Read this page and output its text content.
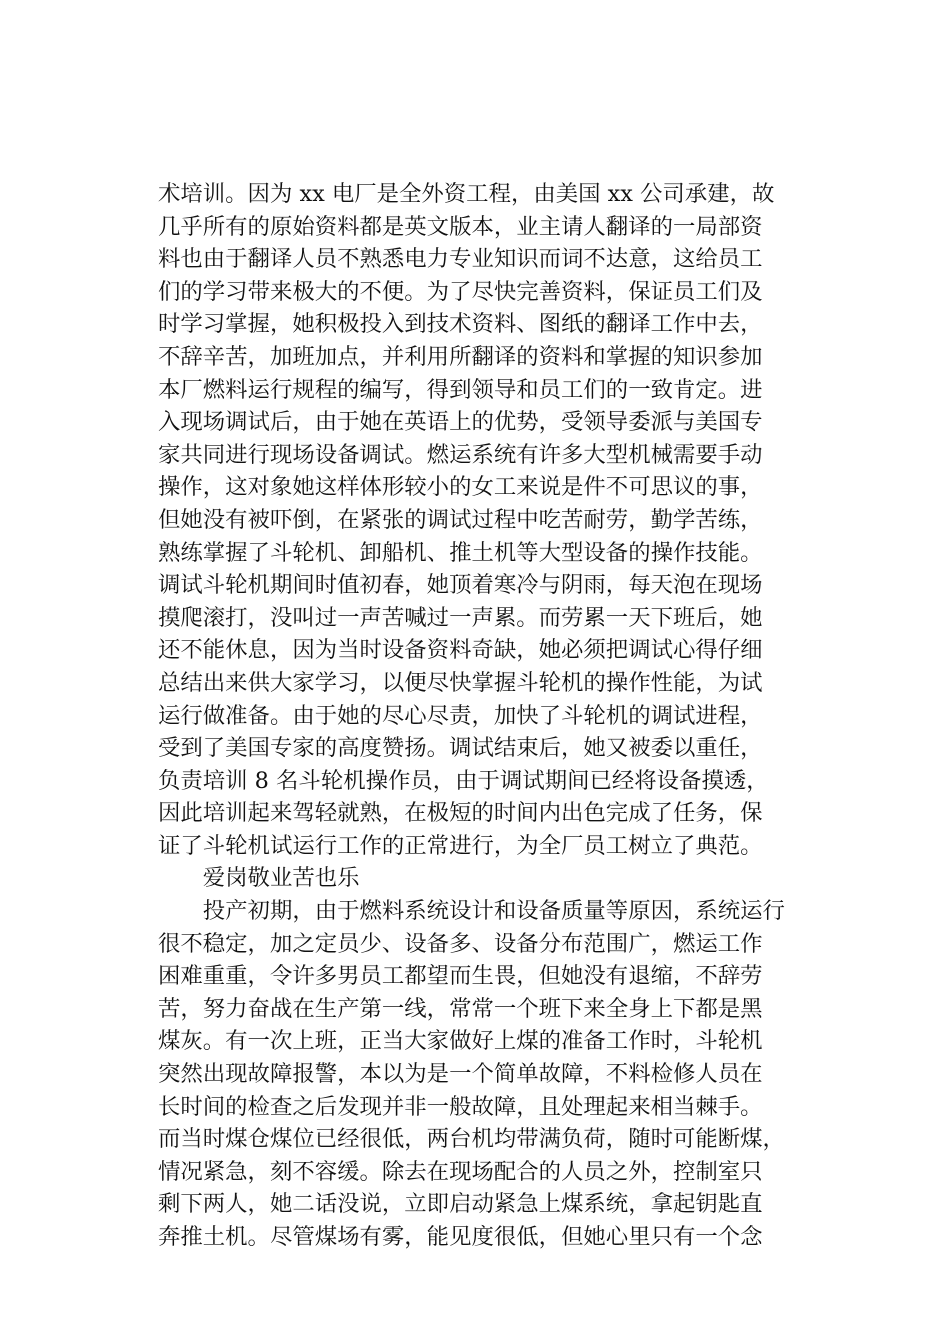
术培训。因为 xx 电厂是全外资工程，由美国 xx 公司承建，故
几乎所有的原始资料都是英文版本，业主请人翻译的一局部资
料也由于翻译人员不熟悉电力专业知识而词不达意，这给员工
们的学习带来极大的不便。为了尽快完善资料，保证员工们及
时学习掌握，她积极投入到技术资料、图纸的翻译工作中去，
不辞辛苦，加班加点，并利用所翻译的资料和掌握的知识参加
本厂燃料运行规程的编写，得到领导和员工们的一致肯定。进
入现场调试后，由于她在英语上的优势，受领导委派与美国专
家共同进行现场设备调试。燃运系统有许多大型机械需要手动
操作，这对象她这样体形较小的女工来说是件不可思议的事，
但她没有被吓倒，在紧张的调试过程中吃苦耐劳，勤学苦练，
熟练掌握了斗轮机、卸船机、推土机等大型设备的操作技能。
调试斗轮机期间时值初春，她顶着寒冷与阴雨，每天泡在现场
摸爬滚打，没叫过一声苦喊过一声累。而劳累一天下班后，她
还不能休息，因为当时设备资料奇缺，她必须把调试心得仔细
总结出来供大家学习，以便尽快掌握斗轮机的操作性能，为试
运行做准备。由于她的尽心尽责，加快了斗轮机的调试进程，
受到了美国专家的高度赞扬。调试结束后，她又被委以重任，
负责培训 8 名斗轮机操作员，由于调试期间已经将设备摸透，
因此培训起来驾轻就熟，在极短的时间内出色完成了任务，保
证了斗轮机试运行工作的正常进行，为全厂员工树立了典范。
　　爱岗敬业苦也乐
　　投产初期，由于燃料系统设计和设备质量等原因，系统运行
很不稳定，加之定员少、设备多、设备分布范围广，燃运工作
困难重重，令许多男员工都望而生畏，但她没有退缩，不辞劳
苦，努力奋战在生产第一线，常常一个班下来全身上下都是黑
煤灰。有一次上班，正当大家做好上煤的准备工作时，斗轮机
突然出现故障报警，本以为是一个简单故障，不料检修人员在
长时间的检查之后发现并非一般故障，且处理起来相当棘手。
而当时煤仓煤位已经很低，两台机均带满负荷，随时可能断煤，
情况紧急，刻不容缓。除去在现场配合的人员之外，控制室只
剩下两人，她二话没说，立即启动紧急上煤系统，拿起钥匙直
奔推土机。尽管煤场有雾，能见度很低，但她心里只有一个念
